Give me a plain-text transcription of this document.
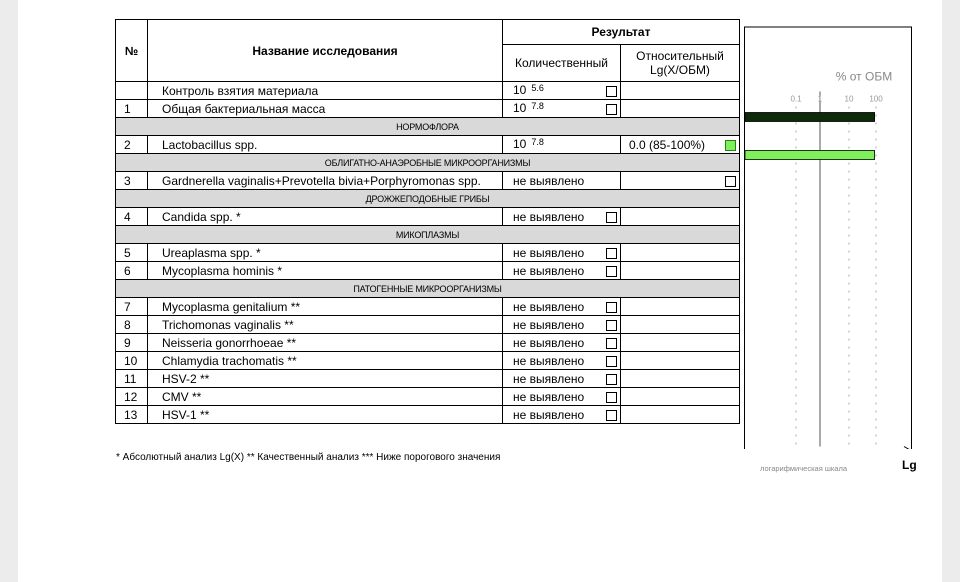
№	Название исследования	Результат	
		Количественный	Относительный
Lg(X/ОБМ)
	Контроль взятия материала	10 $^{5.6}$

1	Общая бактериальная масса	10 $^{7.8}$

НОРМОФЛОРА			
2	Lactobacillus spp.	10 $^{7.8}$	0.0 (85-100%)

ОБЛИГАТНО-АНАЭРОБНЫЕ МИКРООРГАНИЗМЫ			
3	Gardnerella vaginalis+Prevotella bivia+Porphyromonas spp.	не выявлено	

ДРОЖЖЕПОДОБНЫЕ ГРИБЫ			
4	Candida spp. *	не выявлено

МИКОПЛАЗМЫ			
5	Ureaplasma spp. *	не выявлено

6	Mycoplasma hominis *	не выявлено

ПАТОГЕННЫЕ МИКРООРГАНИЗМЫ			
7	Mycoplasma genitalium **	не выявлено

8	Trichomonas vaginalis **	не выявлено

9	Neisseria gonorrhoeae **	не выявлено

10	Chlamydia trachomatis **	не выявлено

11	HSV-2 **	не выявлено

12	CMV **	не выявлено

13	HSV-1 **	не выявлено

* Абсолютный анализ Lg(X) ** Качественный анализ *** Ниже порогового значения
% от ОБМ
0.1 1	10 100
логарифмическая шкала	Lg
